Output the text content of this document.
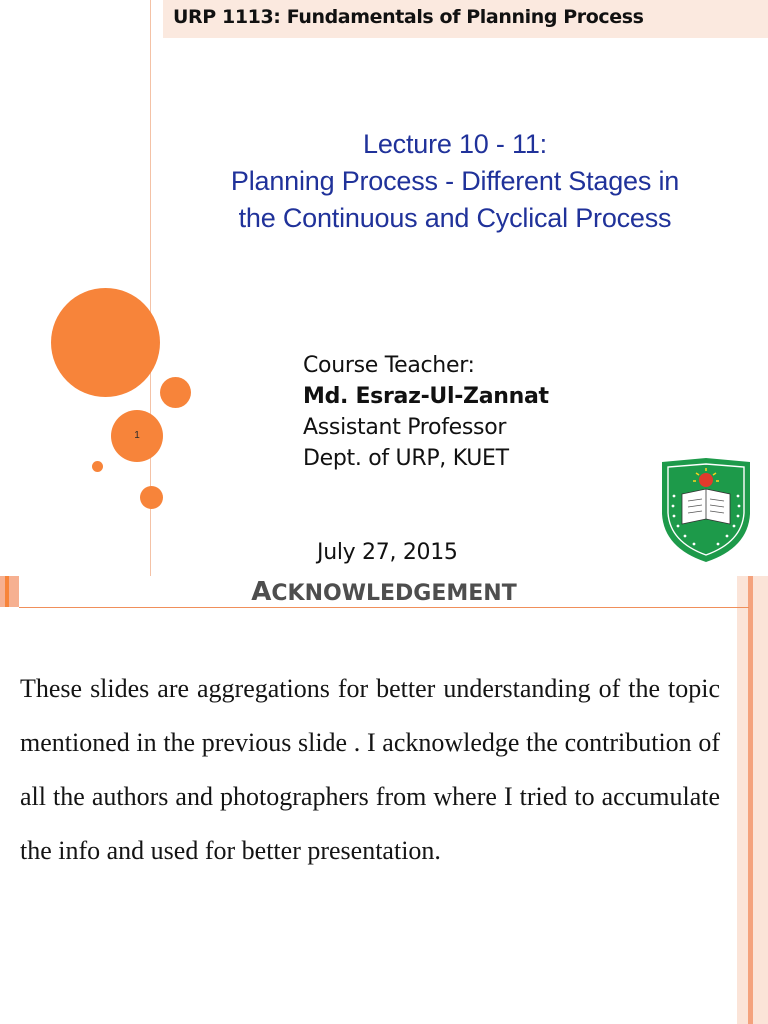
URP 1113: Fundamentals of Planning Process
1
Lecture 10 - 11:
Planning Process - Different Stages in
the Continuous and Cyclical Process
Course Teacher:
Md. Esraz-Ul-Zannat
Assistant Professor
Dept. of URP, KUET
July 27, 2015
ACKNOWLEDGEMENT
These slides are aggregations for better understanding of the topic mentioned in the previous slide . I acknowledge the contribution of all the authors and photographers from where I tried to accumulate the info and used for better presentation.
